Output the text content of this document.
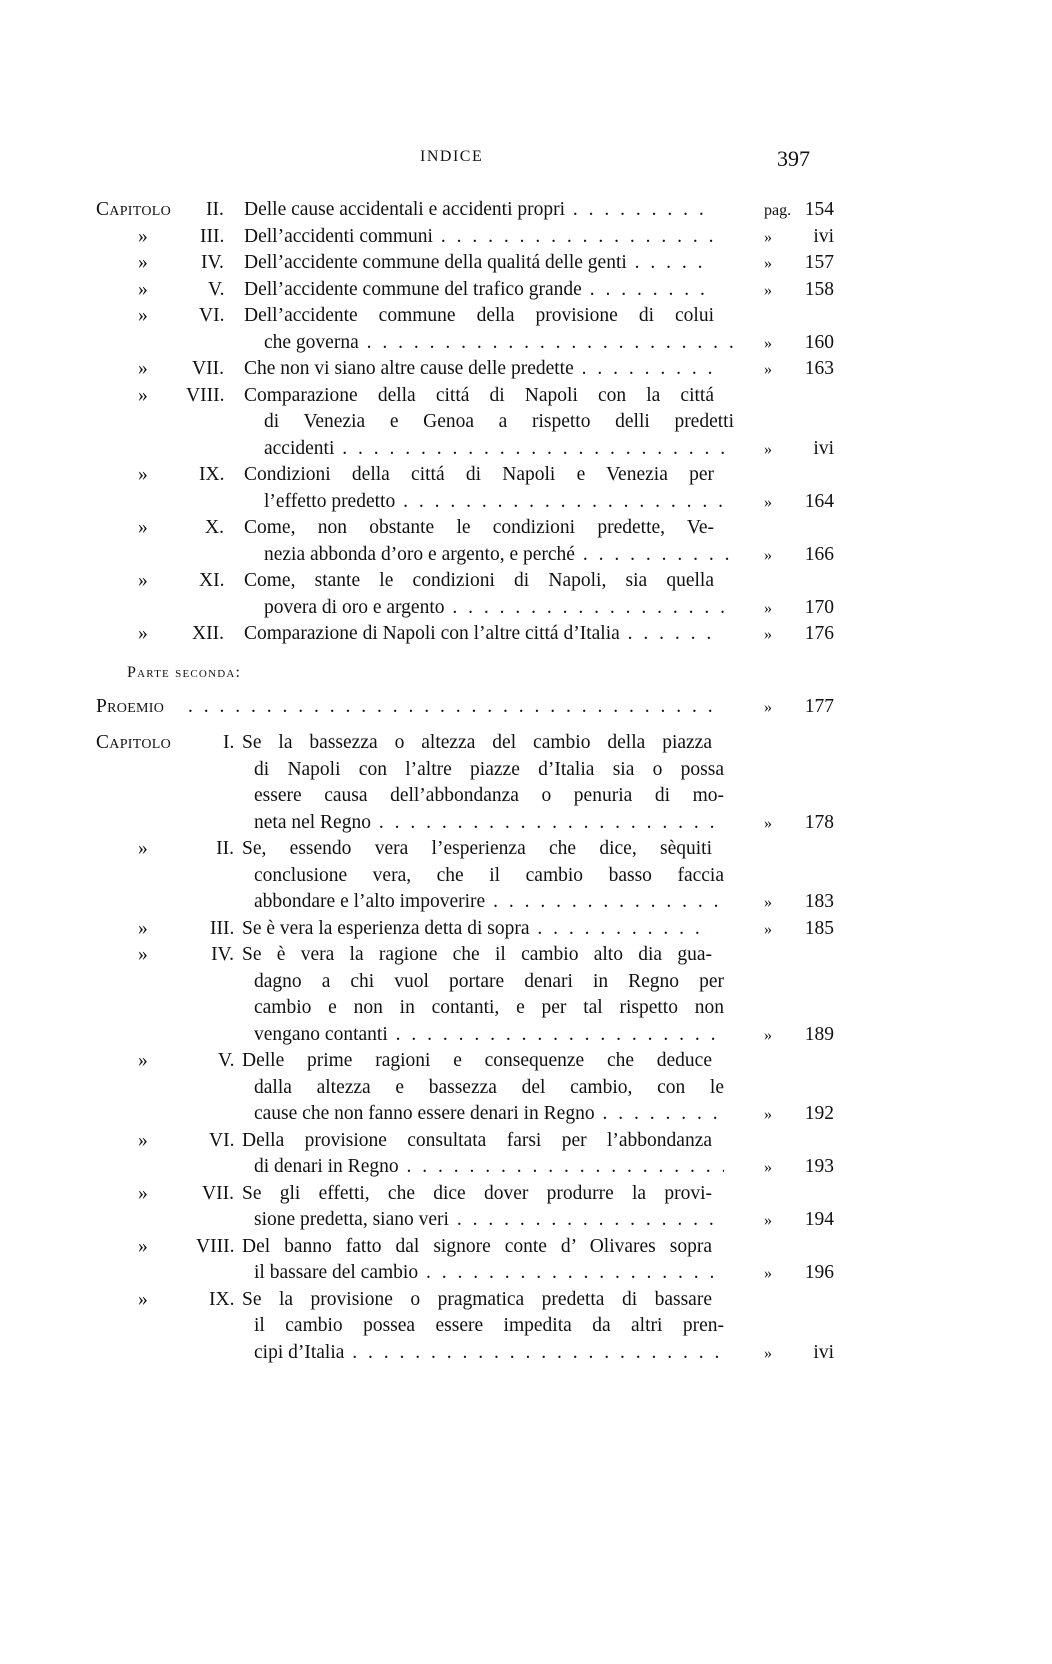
INDICE	397
Capitolo II. Delle cause accidentali e accidenti propri . . .	pag. 154
»	III. Dell’accidenti communi . . .	» ivi
»	IV. Dell’accidente commune della qualitá delle genti . . .	» 157
»	V. Dell’accidente commune del trafico grande . . .	» 158
»	VI. Dell’accidente commune della provisione di colui
che governa . . .	» 160
» VII. Che non vi siano altre cause delle predette . . .	» 163
» VIII. Comparazione della cittá di Napoli con la cittá
di Venezia e Genoa a rispetto delli predetti
accidenti . . .	» ivi
»	IX. Condizioni della cittá di Napoli e Venezia per
l’effetto predetto . . .	» 164
»	X. Come, non obstante le condizioni predette, Ve-
nezia abbonda d’oro e argento, e perché . . .	» 166
»	XI. Come, stante le condizioni di Napoli, sia quella
povera di oro e argento . . .	» 170
» XII. Comparazione di Napoli con l’altre cittá d’Italia . . .	» 176
Parte seconda:
Proemio
. . .	» 177
Capitolo	I. Se la bassezza o altezza del cambio della piazza
di Napoli con l’altre piazze d’Italia sia o possa
essere causa dell’abbondanza o penuria di mo-
neta nel Regno . . .	» 178
»	II. Se, essendo vera l’esperienza che dice, sèquiti
conclusione vera, che il cambio basso faccia
abbondare e l’alto impoverire . . .	» 183
»	III. Se è vera la esperienza detta di sopra . . .	» 185
»	IV. Se è vera la ragione che il cambio alto dia gua-
dagno a chi vuol portare denari in Regno per
cambio e non in contanti, e per tal rispetto non
vengano contanti . . .	» 189
»	V. Delle prime ragioni e consequenze che deduce
dalla altezza e bassezza del cambio, con le
cause che non fanno essere denari in Regno . . .	» 192
»	VI. Della provisione consultata farsi per l’abbondanza
di denari in Regno . . .	» 193
»	VII. Se gli effetti, che dice dover produrre la provi-
sione predetta, siano veri . . .	» 194
» VIII. Del banno fatto dal signore conte d’ Olivares sopra
il bassare del cambio . . .	» 196
»	IX. Se la provisione o pragmatica predetta di bassare
il cambio possea essere impedita da altri pren-
cipi d’Italia . . .	» ivi
